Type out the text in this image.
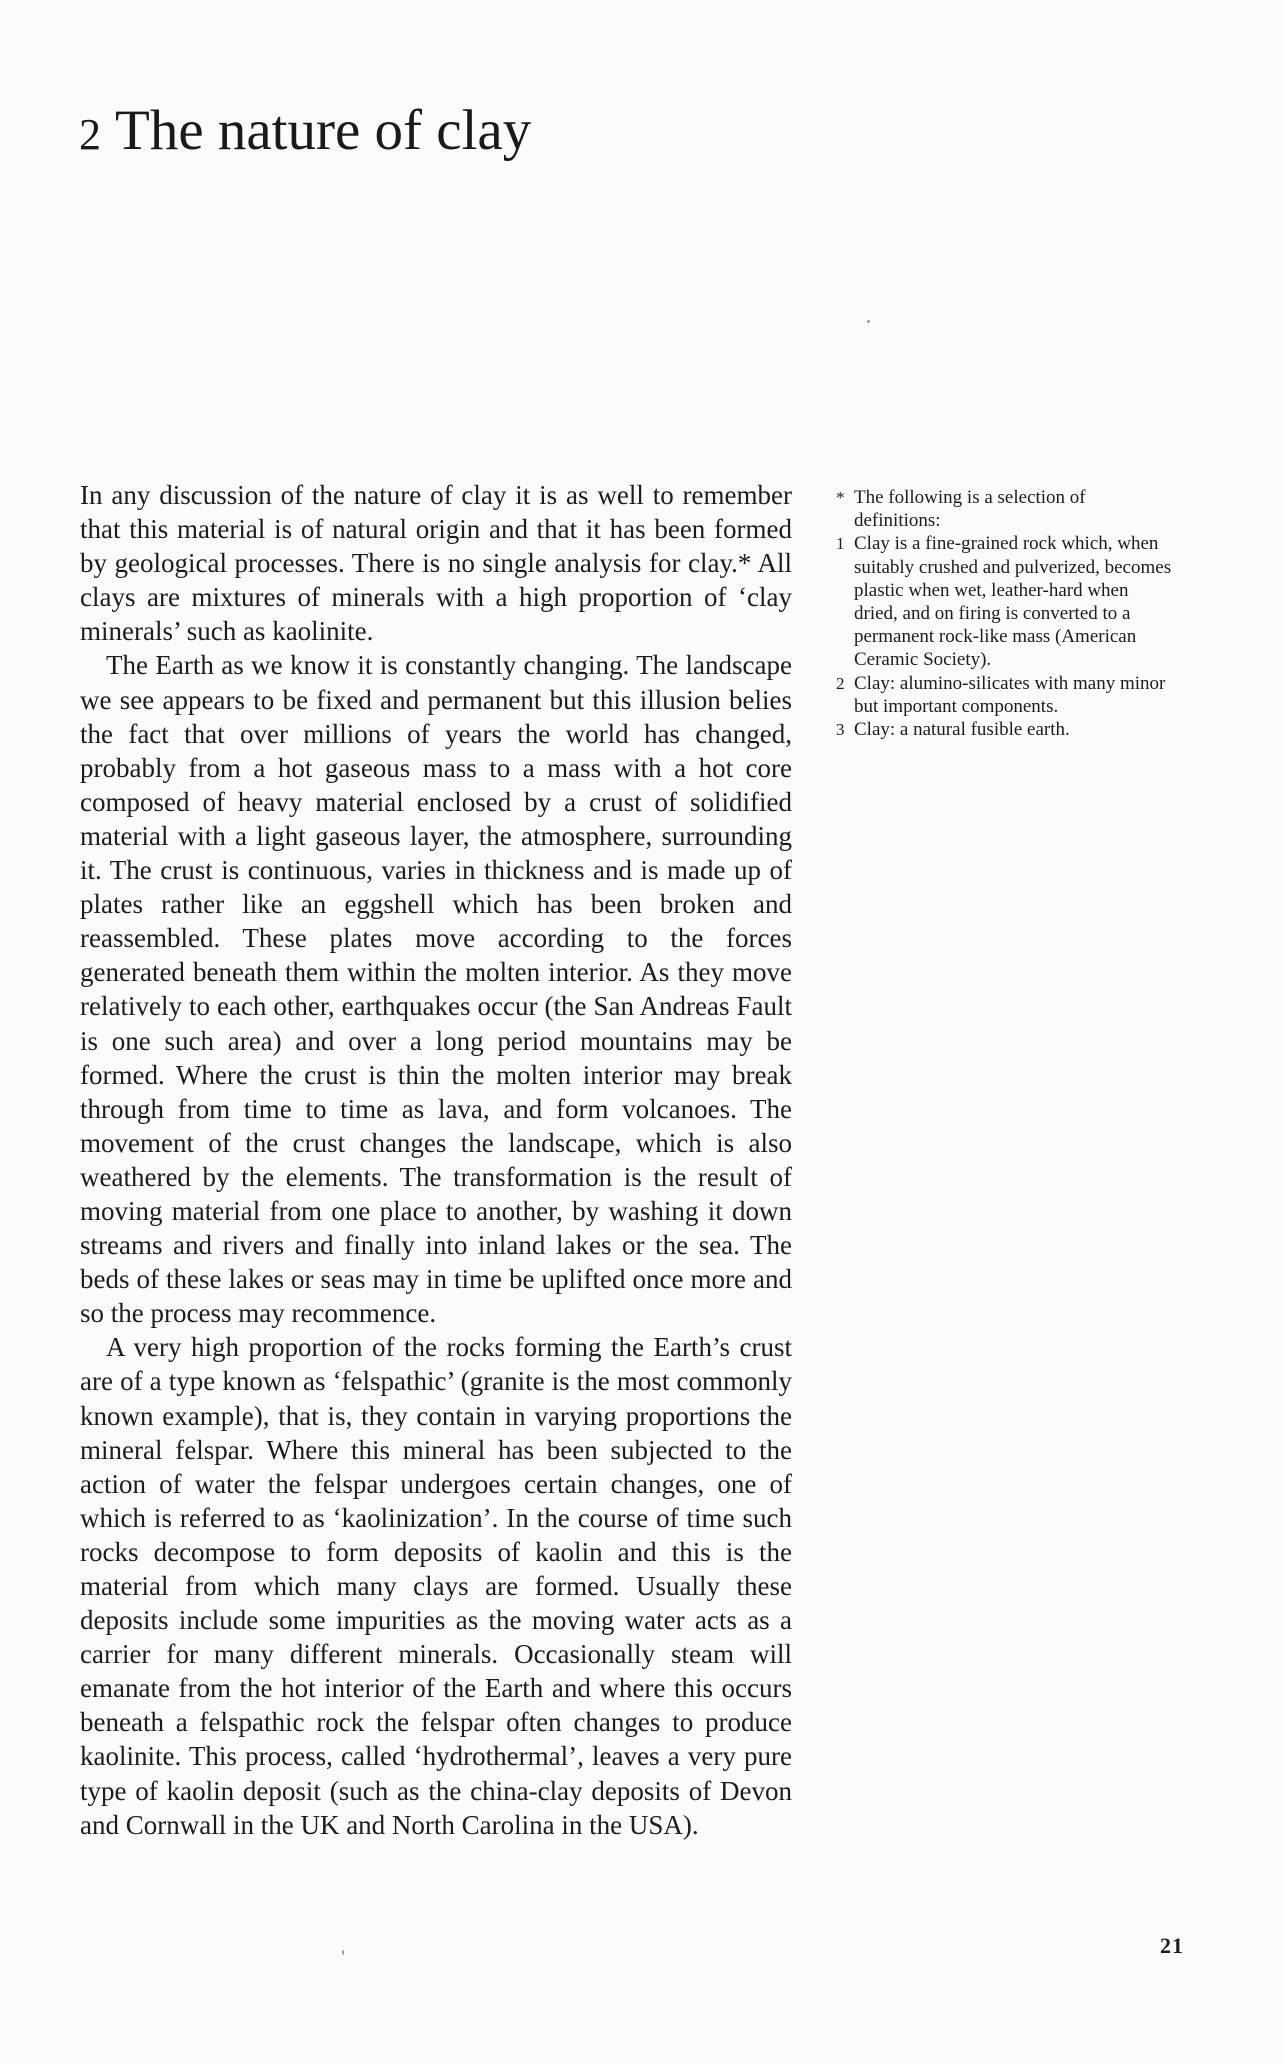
2 The nature of clay

In any discussion of the nature of clay it is as well to remember that this material is of natural origin and that it has been formed by geological processes. There is no single analysis for clay.* All clays are mixtures of minerals with a high proportion of ‘clay minerals’ such as kaolinite.

The Earth as we know it is constantly changing. The landscape we see appears to be fixed and permanent but this illusion belies the fact that over millions of years the world has changed, probably from a hot gaseous mass to a mass with a hot core composed of heavy material enclosed by a crust of solidified material with a light gaseous layer, the atmosphere, surrounding it. The crust is continuous, varies in thickness and is made up of plates rather like an eggshell which has been broken and reassembled. These plates move according to the forces generated beneath them within the molten interior. As they move relatively to each other, earthquakes occur (the San Andreas Fault is one such area) and over a long period mountains may be formed. Where the crust is thin the molten interior may break through from time to time as lava, and form volcanoes. The movement of the crust changes the landscape, which is also weathered by the elements. The transformation is the result of moving material from one place to another, by washing it down streams and rivers and finally into inland lakes or the sea. The beds of these lakes or seas may in time be uplifted once more and so the process may recommence.

A very high proportion of the rocks forming the Earth’s crust are of a type known as ‘felspathic’ (granite is the most commonly known example), that is, they contain in varying proportions the mineral felspar. Where this mineral has been subjected to the action of water the felspar undergoes certain changes, one of which is referred to as ‘kaolinization’. In the course of time such rocks decompose to form deposits of kaolin and this is the material from which many clays are formed. Usually these deposits include some impurities as the moving water acts as a carrier for many different minerals. Occasionally steam will emanate from the hot interior of the Earth and where this occurs beneath a felspathic rock the felspar often changes to produce kaolinite. This process, called ‘hydrothermal’, leaves a very pure type of kaolin deposit (such as the china-clay deposits of Devon and Cornwall in the UK and North Carolina in the USA).

* The following is a selection of definitions:
1 Clay is a fine-grained rock which, when suitably crushed and pulverized, becomes plastic when wet, leather-hard when dried, and on firing is converted to a permanent rock-like mass (American Ceramic Society).
2 Clay: alumino-silicates with many minor but important components.
3 Clay: a natural fusible earth.
21
